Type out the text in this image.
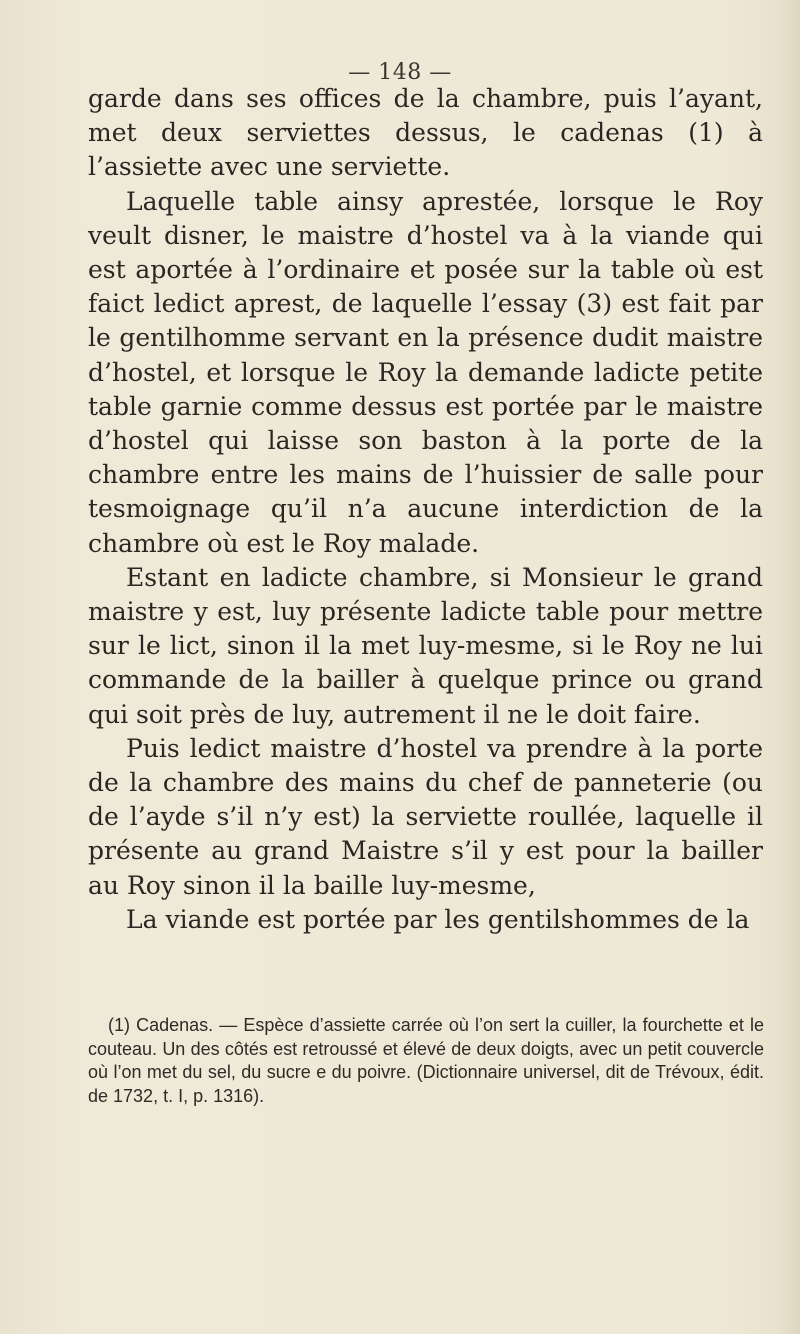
— 148 —

garde dans ses offices de la chambre, puis l’ayant, met deux serviettes dessus, le cadenas (1) à l’assiette avec une serviette.

Laquelle table ainsy aprestée, lorsque le Roy veult disner, le maistre d’hostel va à la viande qui est aportée à l’ordinaire et posée sur la table où est faict ledict aprest, de laquelle l’essay (3) est fait par le gentilhomme servant en la présence dudit maistre d’hostel, et lorsque le Roy la demande ladicte petite table garnie comme dessus est portée par le maistre d’hostel qui laisse son baston à la porte de la chambre entre les mains de l’huissier de salle pour tesmoignage qu’il n’a aucune interdiction de la chambre où est le Roy malade.

Estant en ladicte chambre, si Monsieur le grand maistre y est, luy présente ladicte table pour mettre sur le lict, sinon il la met luy-mesme, si le Roy ne lui commande de la bailler à quelque prince ou grand qui soit près de luy, autrement il ne le doit faire.

Puis ledict maistre d’hostel va prendre à la porte de la chambre des mains du chef de panneterie (ou de l’ayde s’il n’y est) la serviette roullée, laquelle il présente au grand Maistre s’il y est pour la bailler au Roy sinon il la baille luy-mesme,

La viande est portée par les gentilshommes de la

(1) Cadenas. — Espèce d’assiette carrée où l’on sert la cuiller, la fourchette et le couteau. Un des côtés est retroussé et élevé de deux doigts, avec un petit couvercle où l’on met du sel, du sucre e du poivre. (Dictionnaire universel, dit de Trévoux, édit. de 1732, t. I, p. 1316).
